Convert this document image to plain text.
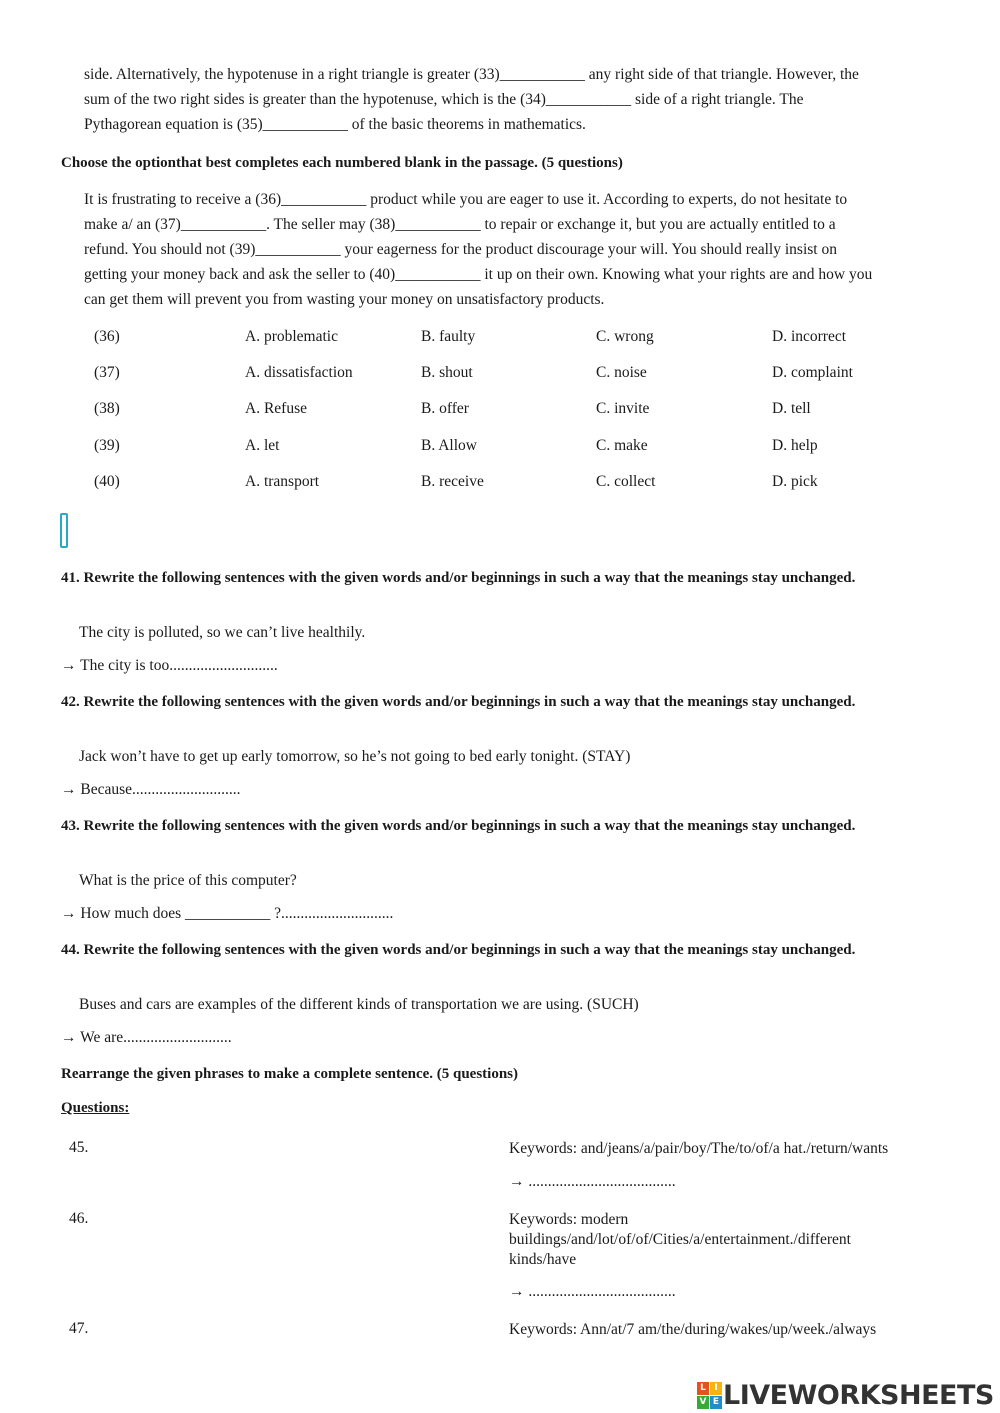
side. Alternatively, the hypotenuse in a right triangle is greater (33)___________ any right side of that triangle. However, the
sum of the two right sides is greater than the hypotenuse, which is the (34)___________ side of a right triangle. The
Pythagorean equation is (35)___________ of the basic theorems in mathematics.

Choose the optionthat best completes each numbered blank in the passage. (5 questions)

It is frustrating to receive a (36)___________ product while you are eager to use it. According to experts, do not hesitate to
make a/ an (37)___________. The seller may (38)___________ to repair or exchange it, but you are actually entitled to a
refund. You should not (39)___________ your eagerness for the product discourage your will. You should really insist on
getting your money back and ask the seller to (40)___________ it up on their own. Knowing what your rights are and how you
can get them will prevent you from wasting your money on unsatisfactory products.
(36)	A. problematic	B. faulty	C. wrong	D. incorrect
(37)	A. dissatisfaction	B. shout	C. noise	D. complaint
(38)	A. Refuse	B. offer	C. invite	D. tell
(39)	A. let	B. Allow	C. make	D. help
(40)	A. transport	B. receive	C. collect	D. pick

41. Rewrite the following sentences with the given words and/or beginnings in such a way that the meanings stay unchanged.

The city is polluted, so we can’t live healthily.
→ The city is too............................

42. Rewrite the following sentences with the given words and/or beginnings in such a way that the meanings stay unchanged.

Jack won’t have to get up early tomorrow, so he’s not going to bed early tonight. (STAY)
→ Because............................

43. Rewrite the following sentences with the given words and/or beginnings in such a way that the meanings stay unchanged.

What is the price of this computer?
→ How much does ___________ ?.............................

44. Rewrite the following sentences with the given words and/or beginnings in such a way that the meanings stay unchanged.

Buses and cars are examples of the different kinds of transportation we are using. (SUCH)
→ We are............................

Rearrange the given phrases to make a complete sentence. (5 questions)

Questions:
45.	Keywords: and/jeans/a/pair/boy/The/to/of/a hat./return/wants
→ ......................................
46.	Keywords: modern buildings/and/lot/of/of/Cities/a/entertainment./different kinds/have
→ ......................................
47.	Keywords: Ann/at/7 am/the/during/wakes/up/week./always
L I
V E LIVEWORKSHEETS
